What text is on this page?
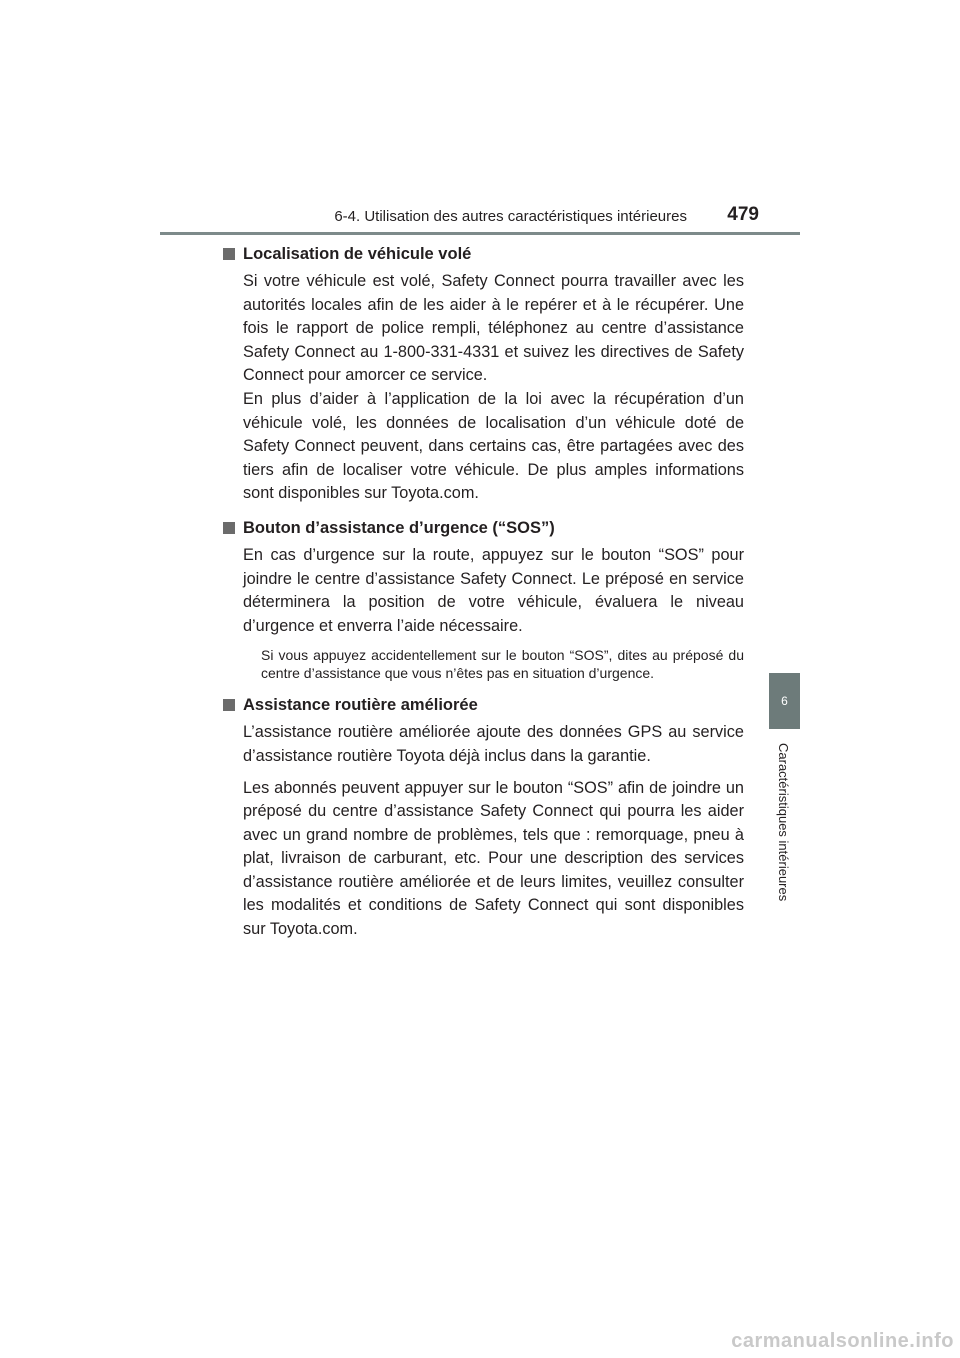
6-4. Utilisation des autres caractéristiques intérieures 479
6
Caractéristiques intérieures
Localisation de véhicule volé

Si votre véhicule est volé, Safety Connect pourra travailler avec les autorités locales afin de les aider à le repérer et à le récupérer. Une fois le rapport de police rempli, téléphonez au centre d’assistance Safety Connect au 1-800-331-4331 et suivez les directives de Safety Connect pour amorcer ce service.

En plus d’aider à l’application de la loi avec la récupération d’un véhicule volé, les données de localisation d’un véhicule doté de Safety Connect peuvent, dans certains cas, être partagées avec des tiers afin de localiser votre véhicule. De plus amples informations sont disponibles sur Toyota.com.

Bouton d’assistance d’urgence (“SOS”)

En cas d’urgence sur la route, appuyez sur le bouton “SOS” pour joindre le centre d’assistance Safety Connect. Le préposé en service déterminera la position de votre véhicule, évaluera le niveau d’urgence et enverra l’aide nécessaire.

Si vous appuyez accidentellement sur le bouton “SOS”, dites au préposé du centre d’assistance que vous n’êtes pas en situation d’urgence.

Assistance routière améliorée

L’assistance routière améliorée ajoute des données GPS au service d’assistance routière Toyota déjà inclus dans la garantie.

Les abonnés peuvent appuyer sur le bouton “SOS” afin de joindre un préposé du centre d’assistance Safety Connect qui pourra les aider avec un grand nombre de problèmes, tels que : remorquage, pneu à plat, livraison de carburant, etc. Pour une description des services d’assistance routière améliorée et de leurs limites, veuillez consulter les modalités et conditions de Safety Connect qui sont disponibles sur Toyota.com.

carmanualsonline.info
